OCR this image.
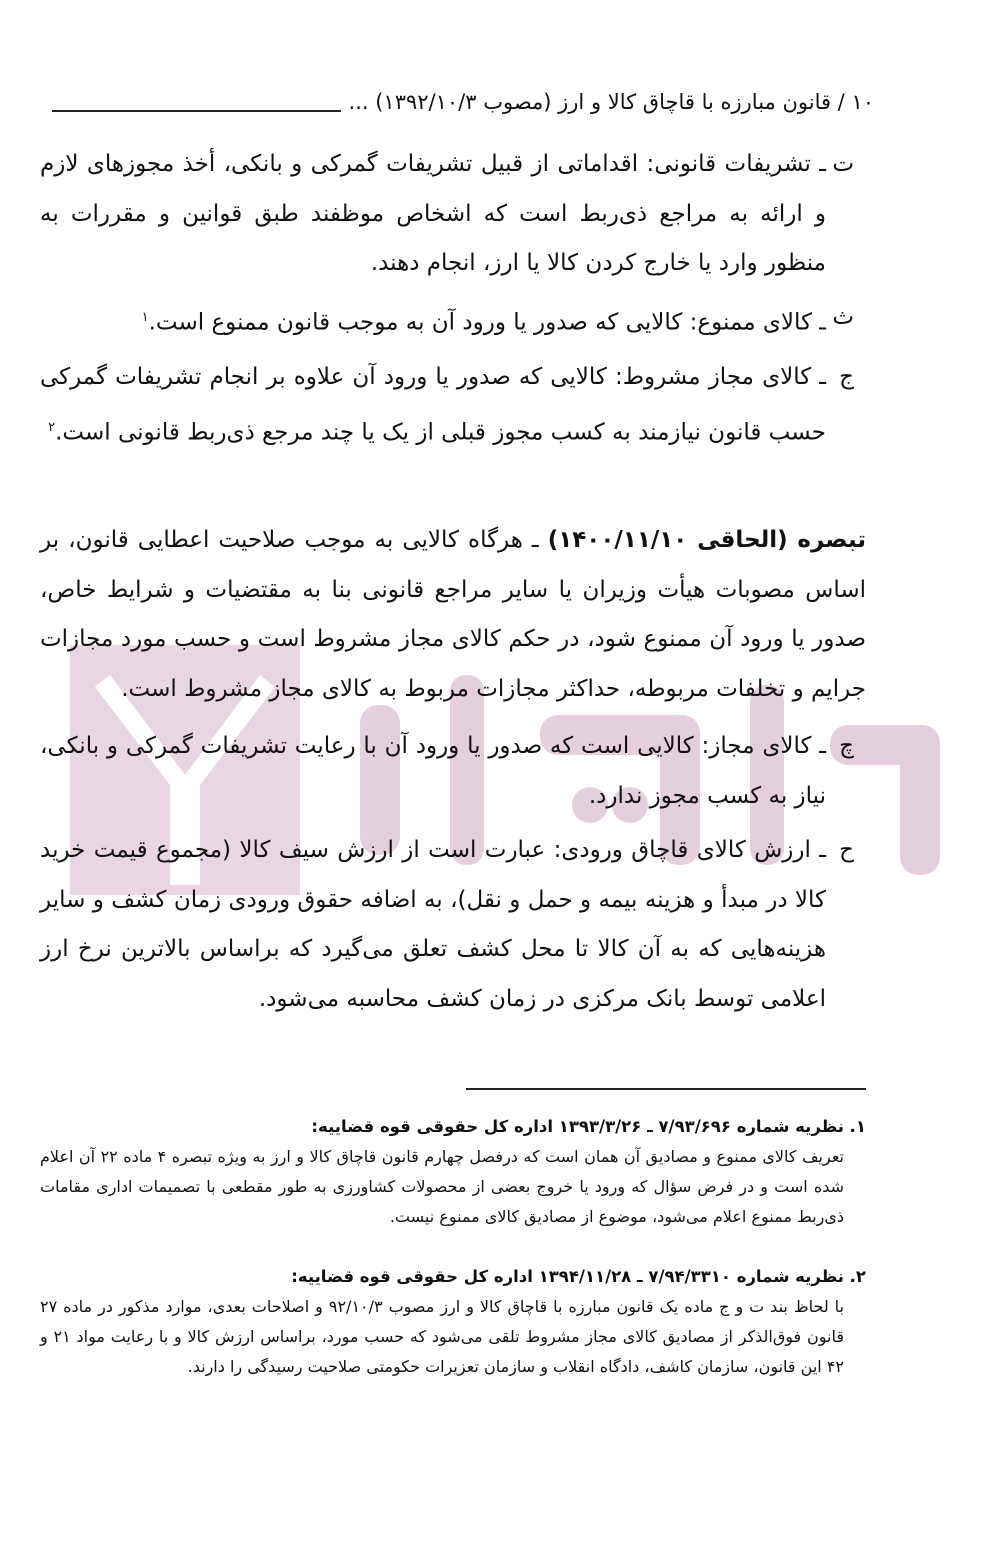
۱۰ / قانون مبارزه با قاچاق کالا و ارز (مصوب ۱۳۹۲/۱۰/۳) ...
ت
ـ تشریفات قانونی: اقداماتی از قبیل تشریفات گمرکی و بانکی، أخذ مجوزهای لازم و ارائه به مراجع ذی‌ربط است که اشخاص موظفند طبق قوانین و مقررات به منظور وارد یا خارج کردن کالا یا ارز، انجام دهند.
ث
ـ کالای ممنوع: کالایی که صدور یا ورود آن به موجب قانون ممنوع است.$^۱$
ج
ـ کالای مجاز مشروط: کالایی که صدور یا ورود آن علاوه بر انجام تشریفات گمرکی حسب قانون نیازمند به کسب مجوز قبلی از یک یا چند مرجع ذی‌ربط قانونی است.$^۲$
تبصره (الحاقی ۱۴۰۰/۱۱/۱۰) ـ هرگاه کالایی به موجب صلاحیت اعطایی قانون، بر اساس مصوبات هیأت وزیران یا سایر مراجع قانونی بنا به مقتضیات و شرایط خاص، صدور یا ورود آن ممنوع شود، در حکم کالای مجاز مشروط است و حسب مورد مجازات جرایم و تخلفات مربوطه، حداکثر مجازات مربوط به کالای مجاز مشروط است.
چ
ـ کالای مجاز: کالایی است که صدور یا ورود آن با رعایت تشریفات گمرکی و بانکی، نیاز به کسب مجوز ندارد.
ح
ـ ارزش کالای قاچاق ورودی: عبارت است از ارزش سیف کالا (مجموع قیمت خرید کالا در مبدأ و هزینه بیمه و حمل و نقل)، به اضافه حقوق ورودی زمان کشف و سایر هزینه‌هایی که به آن کالا تا محل کشف تعلق می‌گیرد که براساس بالاترین نرخ ارز اعلامی توسط بانک مرکزی در زمان کشف محاسبه می‌شود.
۱. نظریه شماره ۷/۹۳/۶۹۶ ـ ۱۳۹۳/۳/۲۶ اداره کل حقوقی قوه قضاییه:
تعریف کالای ممنوع و مصادیق آن همان است که درفصل چهارم قانون قاچاق کالا و ارز به ویژه تبصره ۴ ماده ۲۲ آن اعلام شده است و در فرض سؤال که ورود یا خروج بعضی از محصولات کشاورزی به طور مقطعی با تصمیمات اداری مقامات ذی‌ربط ممنوع اعلام می‌شود، موضوع از مصادیق کالای ممنوع نیست.
۲. نظریه شماره ۷/۹۴/۳۳۱۰ ـ ۱۳۹۴/۱۱/۲۸ اداره کل حقوقی قوه قضاییه:
با لحاظ بند ت و ج ماده یک قانون مبارزه با قاچاق کالا و ارز مصوب ۹۲/۱۰/۳ و اصلاحات بعدی، موارد مذکور در ماده ۲۷ قانون فوق‌الذکر از مصادیق کالای مجاز مشروط تلقی می‌شود که حسب مورد، براساس ارزش کالا و با رعایت مواد ۲۱ و ۴۲ این قانون، سازمان کاشف، دادگاه انقلاب و سازمان تعزیرات حکومتی صلاحیت رسیدگی را دارند.
